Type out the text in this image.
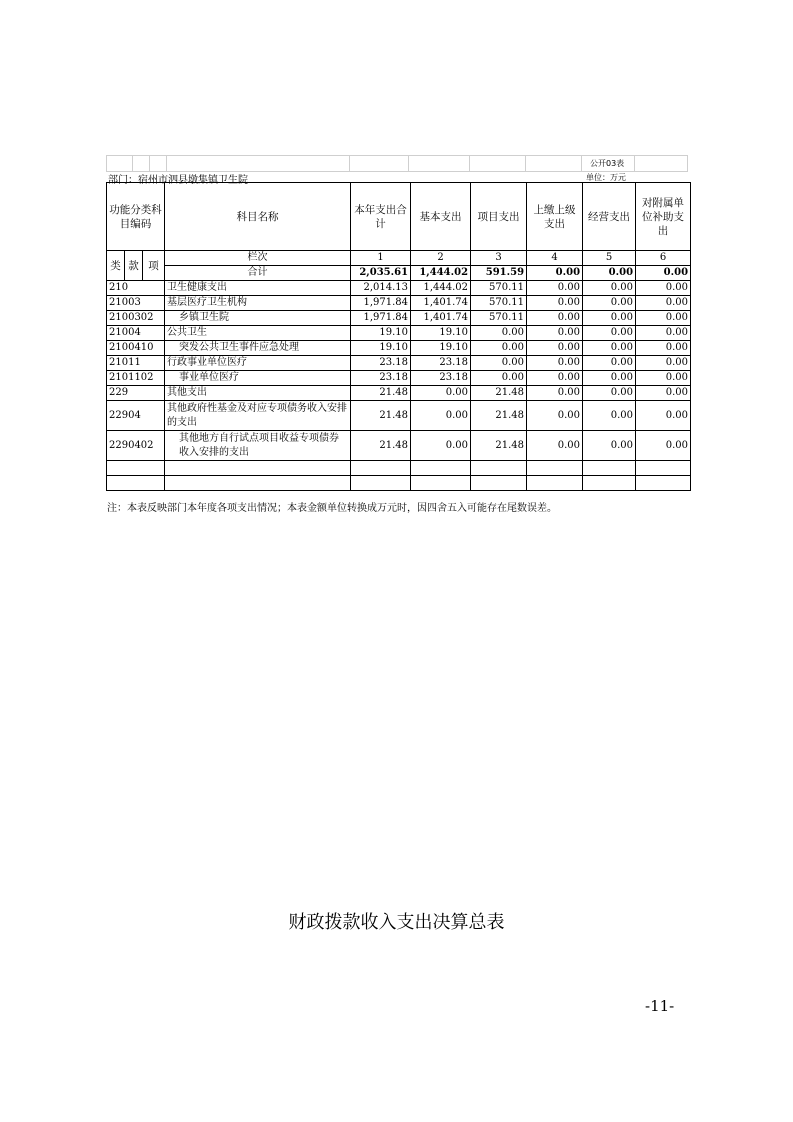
公开03表
部门：宿州市泗县墩集镇卫生院	单位：万元
功能分类科目编码			科目名称	本年支出合计	基本支出	项目支出	上缴上级支出	经营支出	对附属单位补助支出
类	款	项	栏次	1	2	3	4	5	6
			合计	2,035.61	1,444.02	591.59	0.00	0.00	0.00
210			卫生健康支出	2,014.13	1,444.02	570.11	0.00	0.00	0.00
21003			基层医疗卫生机构	1,971.84	1,401.74	570.11	0.00	0.00	0.00
2100302			乡镇卫生院	1,971.84	1,401.74	570.11	0.00	0.00	0.00
21004			公共卫生	19.10	19.10	0.00	0.00	0.00	0.00
2100410			突发公共卫生事件应急处理	19.10	19.10	0.00	0.00	0.00	0.00
21011			行政事业单位医疗	23.18	23.18	0.00	0.00	0.00	0.00
2101102			事业单位医疗	23.18	23.18	0.00	0.00	0.00	0.00
229			其他支出	21.48	0.00	21.48	0.00	0.00	0.00
22904			其他政府性基金及对应专项债务收入安排的支出	21.48	0.00	21.48	0.00	0.00	0.00
2290402			其他地方自行试点项目收益专项债券收入安排的支出	21.48	0.00	21.48	0.00	0.00	0.00

注：本表反映部门本年度各项支出情况；本表金额单位转换成万元时，因四舍五入可能存在尾数误差。
财政拨款收入支出决算总表
-11-
